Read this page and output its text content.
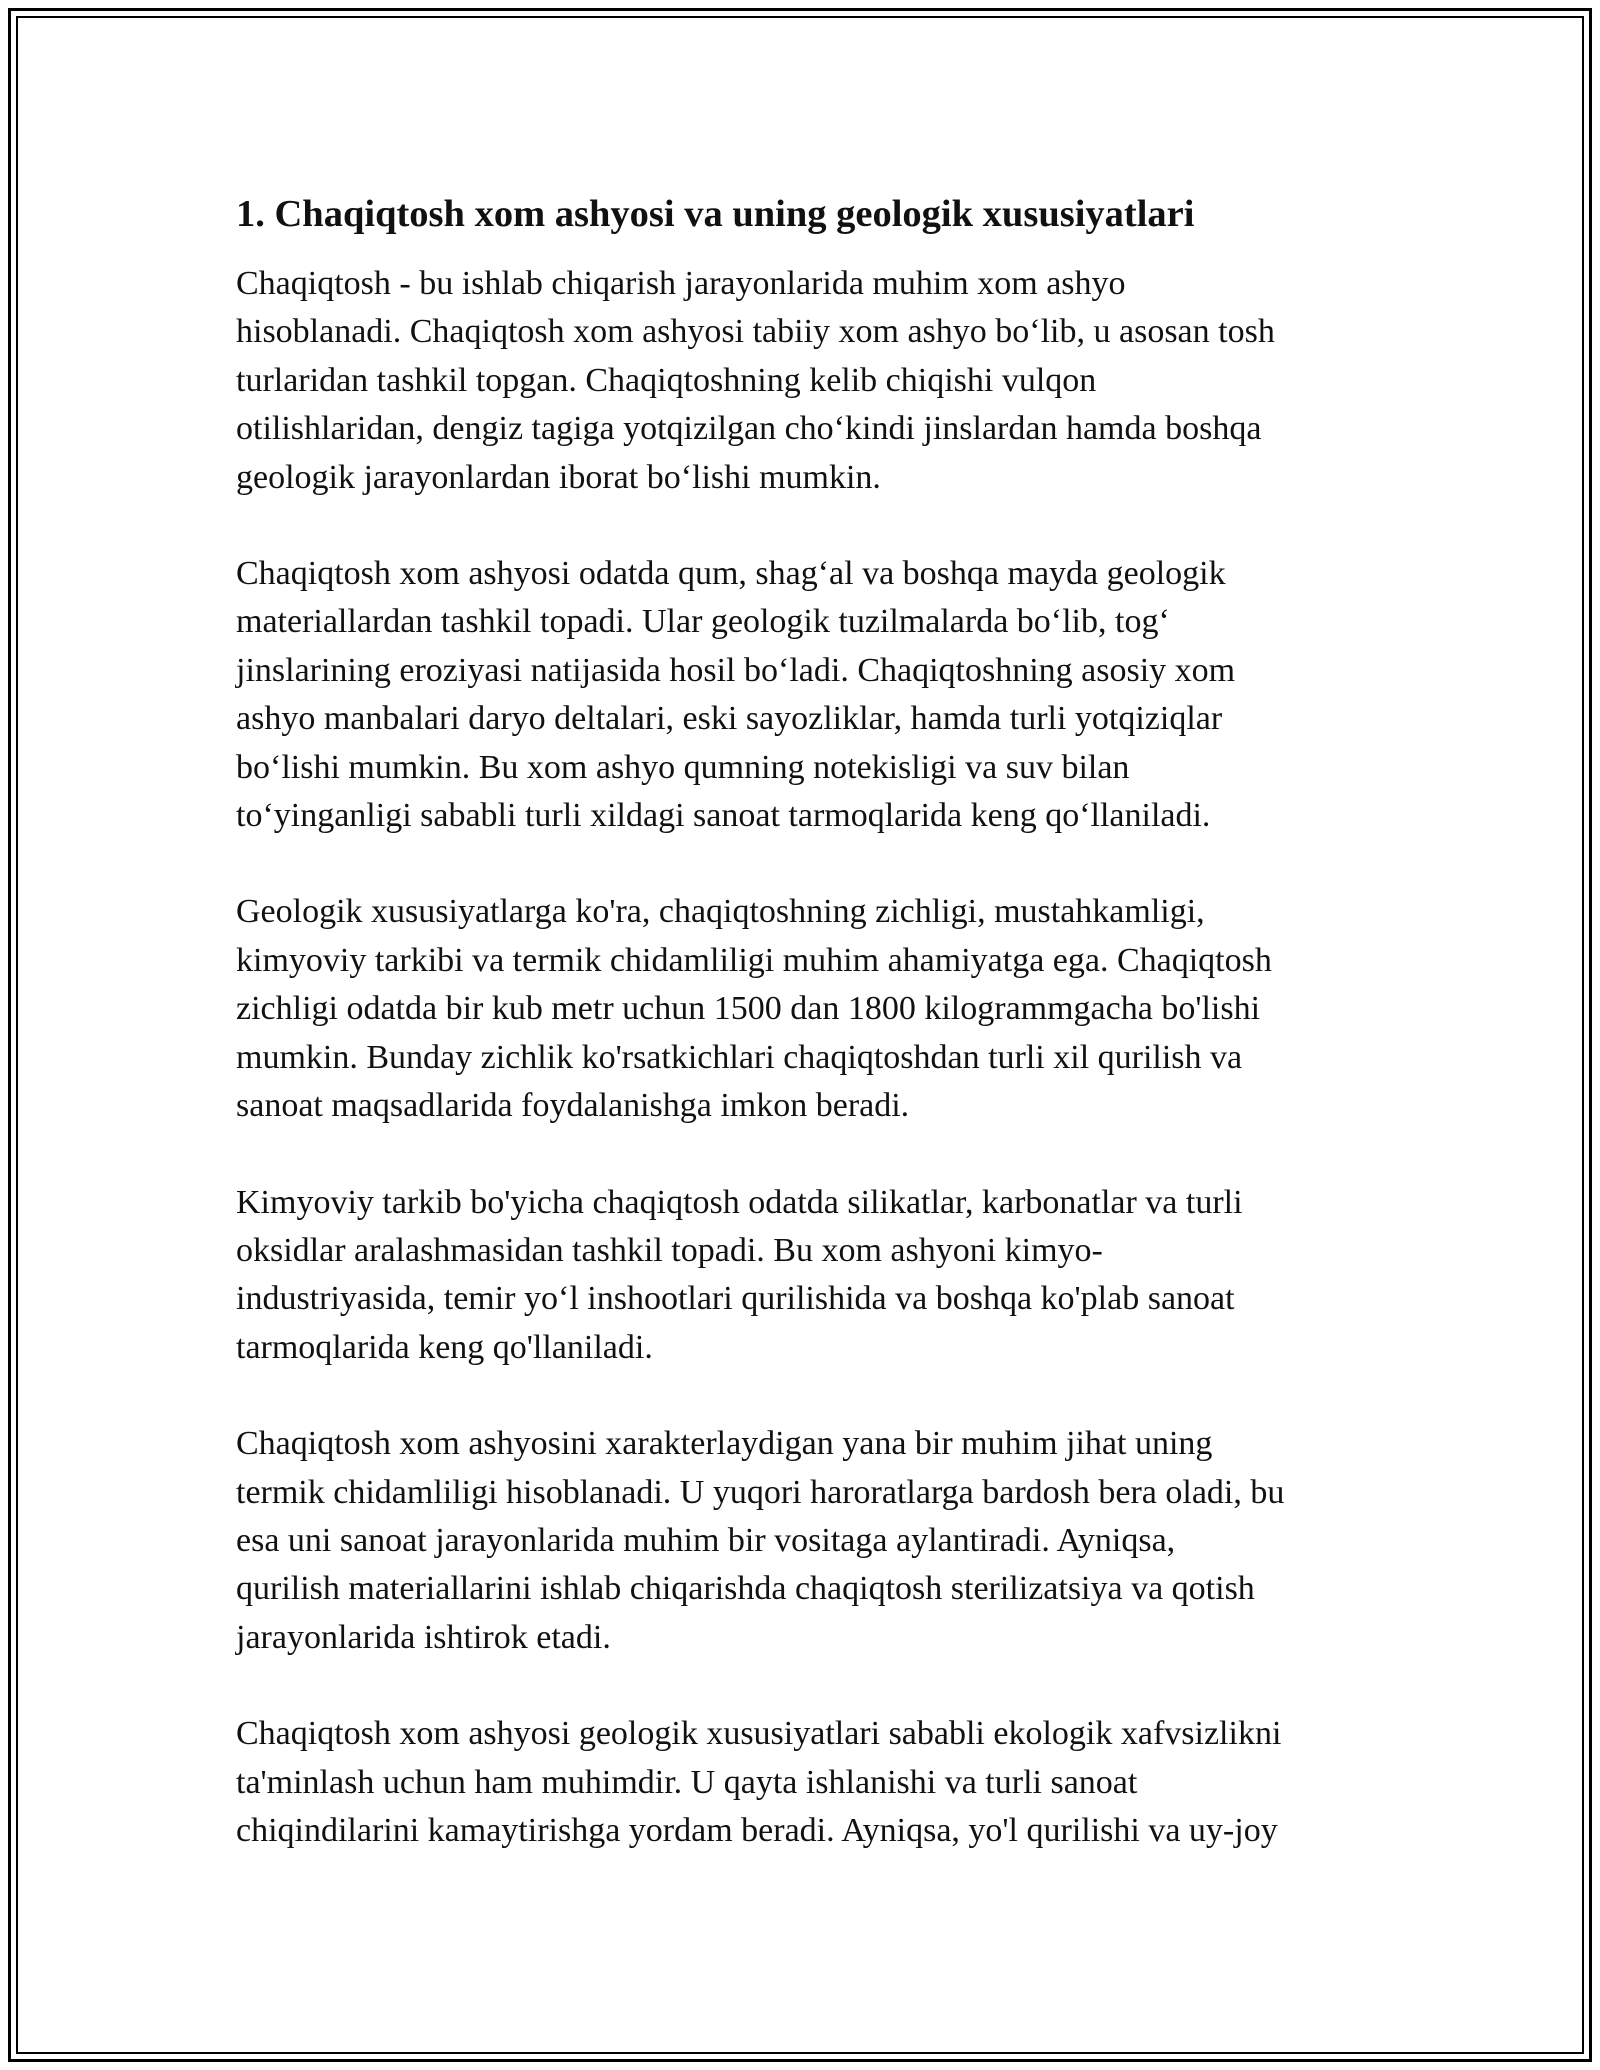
1. Chaqiqtosh xom ashyosi va uning geologik xususiyatlari

Chaqiqtosh - bu ishlab chiqarish jarayonlarida muhim xom ashyo
hisoblanadi. Chaqiqtosh xom ashyosi tabiiy xom ashyo boʻlib, u asosan tosh
turlaridan tashkil topgan. Chaqiqtoshning kelib chiqishi vulqon
otilishlaridan, dengiz tagiga yotqizilgan choʻkindi jinslardan hamda boshqa
geologik jarayonlardan iborat boʻlishi mumkin.

Chaqiqtosh xom ashyosi odatda qum, shagʻal va boshqa mayda geologik
materiallardan tashkil topadi. Ular geologik tuzilmalarda boʻlib, togʻ
jinslarining eroziyasi natijasida hosil boʻladi. Chaqiqtoshning asosiy xom
ashyo manbalari daryo deltalari, eski sayozliklar, hamda turli yotqiziqlar
boʻlishi mumkin. Bu xom ashyo qumning notekisligi va suv bilan
toʻyinganligi sababli turli xildagi sanoat tarmoqlarida keng qoʻllaniladi.

Geologik xususiyatlarga ko'ra, chaqiqtoshning zichligi, mustahkamligi,
kimyoviy tarkibi va termik chidamliligi muhim ahamiyatga ega. Chaqiqtosh
zichligi odatda bir kub metr uchun 1500 dan 1800 kilogrammgacha bo'lishi
mumkin. Bunday zichlik ko'rsatkichlari chaqiqtoshdan turli xil qurilish va
sanoat maqsadlarida foydalanishga imkon beradi.

Kimyoviy tarkib bo'yicha chaqiqtosh odatda silikatlar, karbonatlar va turli
oksidlar aralashmasidan tashkil topadi. Bu xom ashyoni kimyo-
industriyasida, temir yoʻl inshootlari qurilishida va boshqa ko'plab sanoat
tarmoqlarida keng qo'llaniladi.

Chaqiqtosh xom ashyosini xarakterlaydigan yana bir muhim jihat uning
termik chidamliligi hisoblanadi. U yuqori haroratlarga bardosh bera oladi, bu
esa uni sanoat jarayonlarida muhim bir vositaga aylantiradi. Ayniqsa,
qurilish materiallarini ishlab chiqarishda chaqiqtosh sterilizatsiya va qotish
jarayonlarida ishtirok etadi.

Chaqiqtosh xom ashyosi geologik xususiyatlari sababli ekologik xafvsizlikni
ta'minlash uchun ham muhimdir. U qayta ishlanishi va turli sanoat
chiqindilarini kamaytirishga yordam beradi. Ayniqsa, yo'l qurilishi va uy-joy
